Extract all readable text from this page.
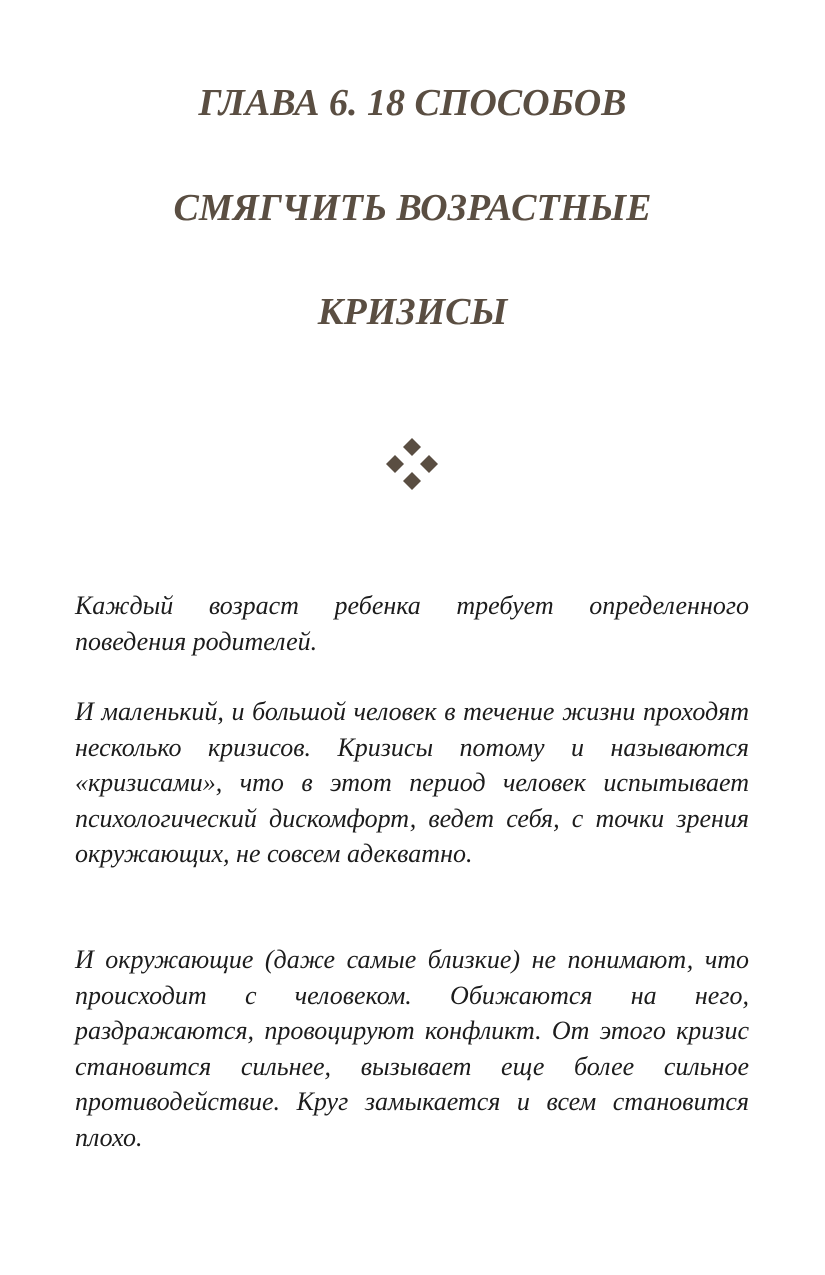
ГЛАВА 6. 18 СПОСОБОВ
СМЯГЧИТЬ ВОЗРАСТНЫЕ
КРИЗИСЫ

Каждый возраст ребенка требует определенного поведения родителей.

И маленький, и большой человек в течение жизни проходят несколько кризисов. Кризисы потому и называются «кризисами», что в этот период человек испытывает психологический дискомфорт, ведет себя, с точки зрения окружающих, не совсем адекватно.

И окружающие (даже самые близкие) не понимают, что происходит с человеком. Обижаются на него, раздражаются, провоцируют конфликт. От этого кризис становится сильнее, вызывает еще более сильное противодействие. Круг замыкается и всем становится плохо.
